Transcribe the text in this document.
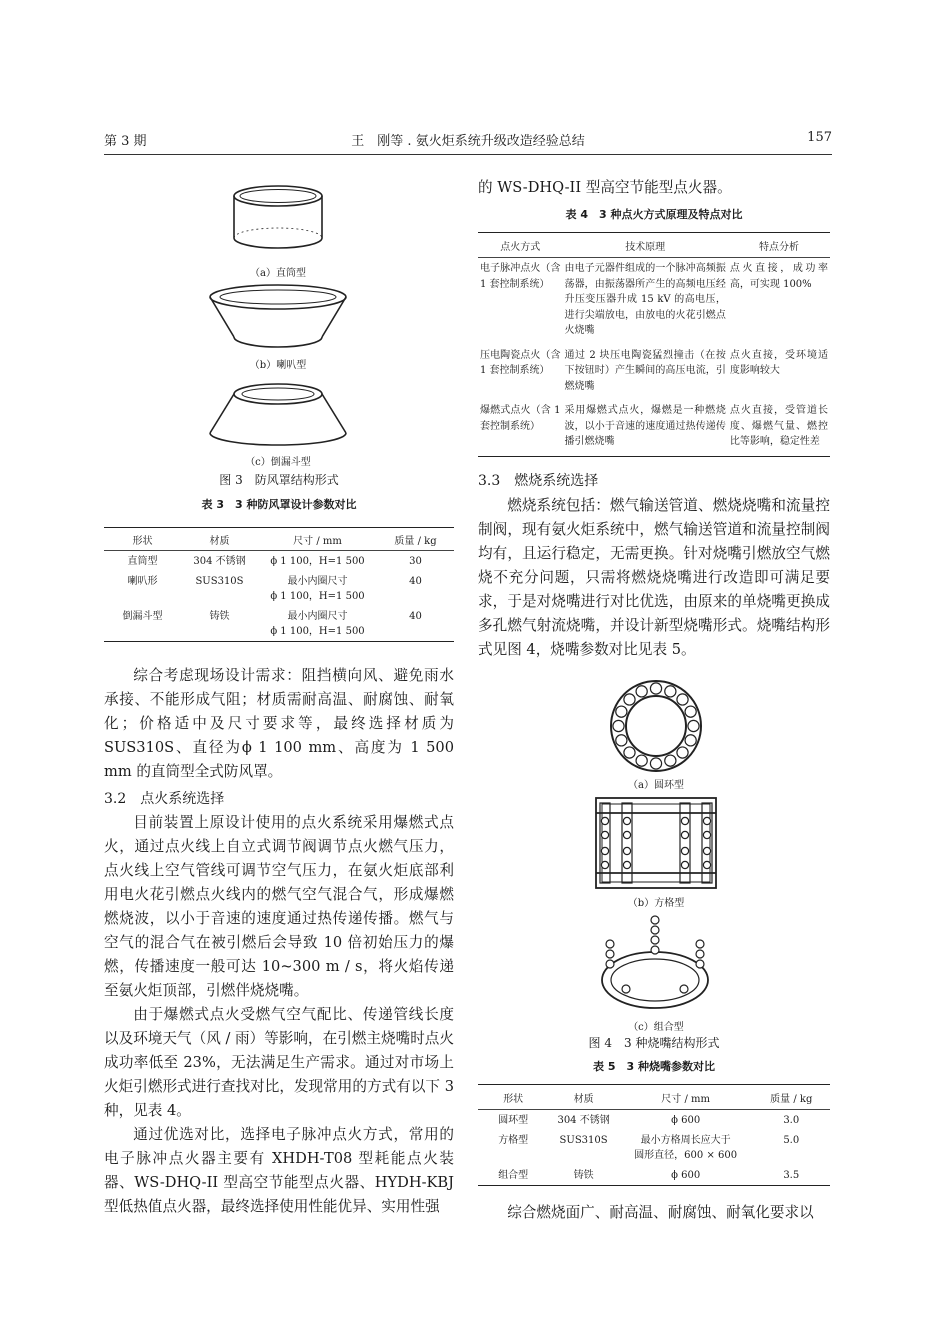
第 3 期	王　刚等 . 氨火炬系统升级改造经验总结	157
（a）直筒型
（b）喇叭型
（c）倒漏斗型
图 3　防风罩结构形式
表 3　3 种防风罩设计参数对比
形状	材质	尺寸 / mm	质量 / kg
直筒型	304 不锈钢	ϕ 1 100，H=1 500	30
喇叭形	SUS310S	最小内圈尺寸
ϕ 1 100，H=1 500	40
倒漏斗型	铸铁	最小内圈尺寸
ϕ 1 100，H=1 500	40

综合考虑现场设计需求：阻挡横向风、避免雨水承接、不能形成气阻；材质需耐高温、耐腐蚀、耐氧化；价格适中及尺寸要求等，最终选择材质为SUS310S、直径为ϕ 1 100 mm、高度为 1 500 mm 的直筒型全式防风罩。

3.2　点火系统选择

目前装置上原设计使用的点火系统采用爆燃式点火，通过点火线上自立式调节阀调节点火燃气压力，点火线上空气管线可调节空气压力，在氨火炬底部利用电火花引燃点火线内的燃气空气混合气，形成爆燃燃烧波，以小于音速的速度通过热传递传播。燃气与空气的混合气在被引燃后会导致 10 倍初始压力的爆燃，传播速度一般可达 10~300 m / s，将火焰传递至氨火炬顶部，引燃伴烧烧嘴。

由于爆燃式点火受燃气空气配比、传递管线长度以及环境天气（风 / 雨）等影响，在引燃主烧嘴时点火成功率低至 23%，无法满足生产需求。通过对市场上火炬引燃形式进行查找对比，发现常用的方式有以下 3 种，见表 4。

通过优选对比，选择电子脉冲点火方式，常用的电子脉冲点火器主要有 XHDH-T08 型耗能点火装器、WS-DHQ-II 型高空节能型点火器、HYDH-KBJ 型低热值点火器，最终选择使用性能优异、实用性强

的 WS-DHQ-II 型高空节能型点火器。
表 4　3 种点火方式原理及特点对比
点火方式	技术原理	特点分析
电子脉冲点火（含 1 套控制系统）	由电子元器件组成的一个脉冲高频振荡器，由振荡器所产生的高频电压经升压变压器升成 15 kV 的高电压，进行尖端放电，由放电的火花引燃点火烧嘴	点火直接，成功率高，可实现 100%
压电陶瓷点火（含 1 套控制系统）	通过 2 块压电陶瓷猛烈撞击（在按下按钮时）产生瞬间的高压电流，引燃烧嘴	点火直接，受环境适度影响较大
爆燃式点火（含 1 套控制系统）	采用爆燃式点火，爆燃是一种燃烧波，以小于音速的速度通过热传递传播引燃烧嘴	点火直接，受管道长度、爆燃气量、燃控比等影响，稳定性差
3.3　燃烧系统选择

燃烧系统包括：燃气输送管道、燃烧烧嘴和流量控制阀，现有氨火炬系统中，燃气输送管道和流量控制阀均有，且运行稳定，无需更换。针对烧嘴引燃放空气燃烧不充分问题，只需将燃烧烧嘴进行改造即可满足要求，于是对烧嘴进行对比优选，由原来的单烧嘴更换成多孔燃气射流烧嘴，并设计新型烧嘴形式。烧嘴结构形式见图 4，烧嘴参数对比见表 5。

（a）圆环型
（b）方格型
（c）组合型
图 4　3 种烧嘴结构形式
表 5　3 种烧嘴参数对比
形状	材质	尺寸 / mm	质量 / kg
圆环型	304 不锈钢	ϕ 600	3.0
方格型	SUS310S	最小方格周长应大于
圆形直径，600 × 600	5.0
组合型	铸铁	ϕ 600	3.5

综合燃烧面广、耐高温、耐腐蚀、耐氧化要求以
